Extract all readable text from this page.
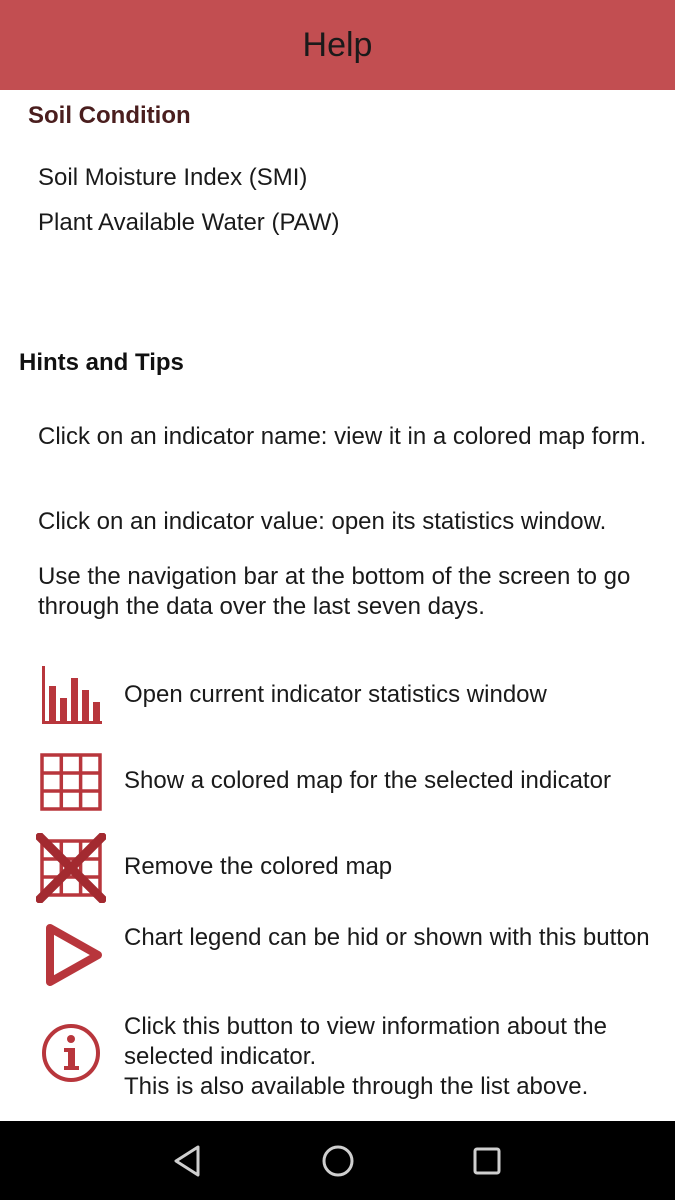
Help
Soil Condition
Soil Moisture Index (SMI)
Plant Available Water (PAW)
Hints and Tips
Click on an indicator name: view it in a colored map form.
Click on an indicator value: open its statistics window.
Use the navigation bar at the bottom of the screen to go through the data over the last seven days.
Open current indicator statistics window
Show a colored map for the selected indicator
Remove the colored map
Chart legend can be hid or shown with this button
Click this button to view information about the selected indicator.
This is also available through the list above.
